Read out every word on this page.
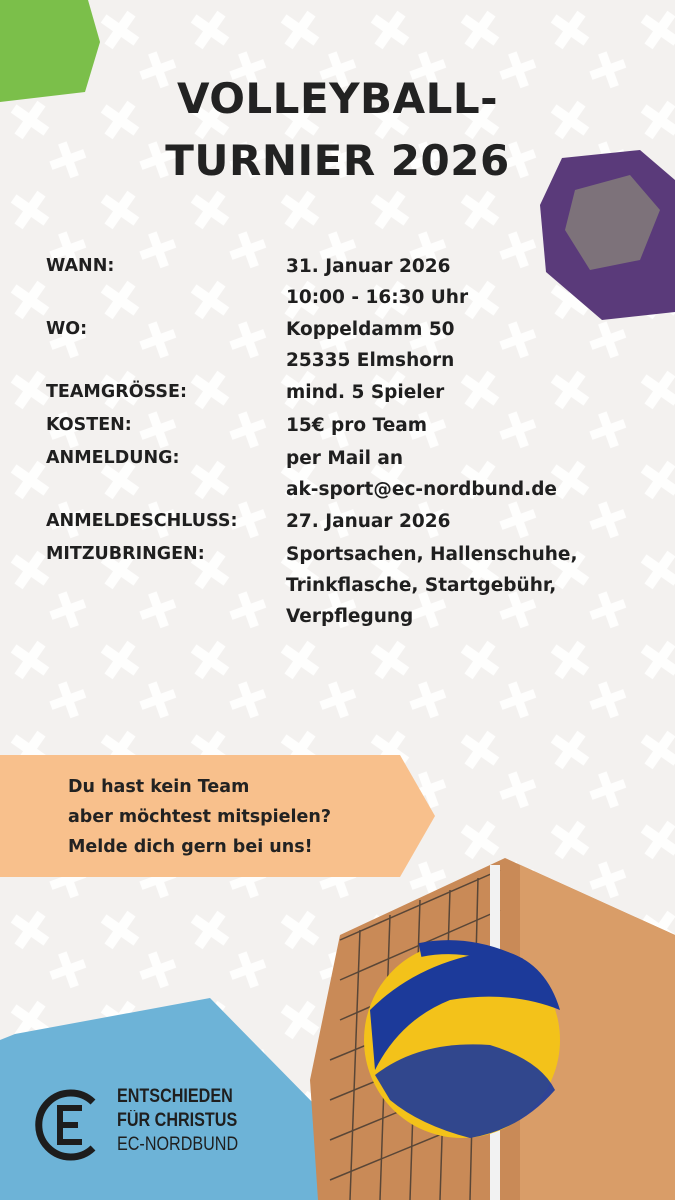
VOLLEYBALL-
TURNIER 2026
WANN:	31. Januar 2026
10:00 - 16:30 Uhr
WO:	Koppeldamm 50
25335 Elmshorn
TEAMGRÖSSE:	mind. 5 Spieler
KOSTEN:	15€ pro Team
ANMELDUNG:	per Mail an
ak-sport@ec-nordbund.de
ANMELDESCHLUSS:	27. Januar 2026
MITZUBRINGEN:	Sportsachen, Hallenschuhe,
Trinkflasche, Startgebühr,
Verpflegung
Du hast kein Team
aber möchtest mitspielen?
Melde dich gern bei uns!
ENTSCHIEDEN
FÜR CHRISTUS
EC-NORDBUND
